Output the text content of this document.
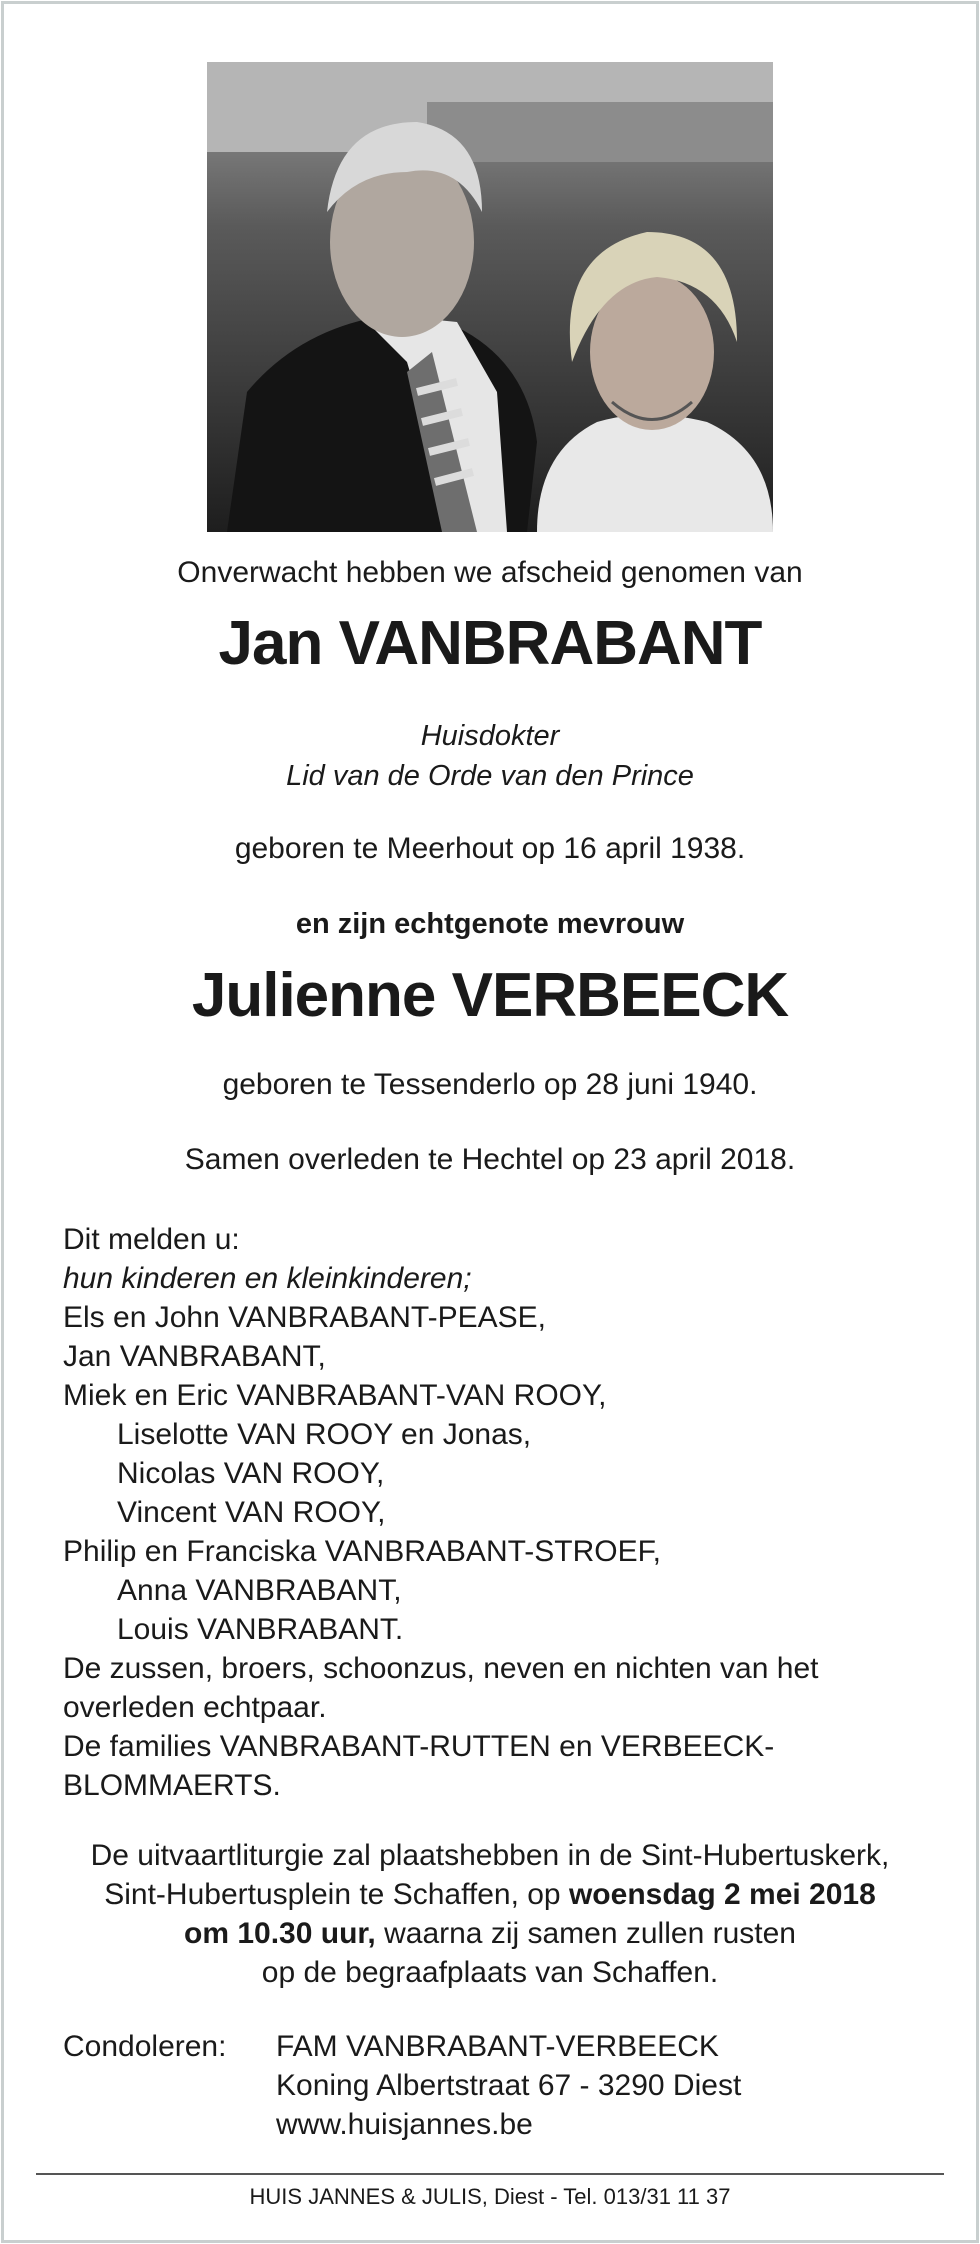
Onverwacht hebben we afscheid genomen van
Jan VANBRABANT
Huisdokter
Lid van de Orde van den Prince
geboren te Meerhout op 16 april 1938.
en zijn echtgenote mevrouw
Julienne VERBEECK
geboren te Tessenderlo op 28 juni 1940.
Samen overleden te Hechtel op 23 april 2018.
Dit melden u:
hun kinderen en kleinkinderen;
Els en John VANBRABANT-PEASE,
Jan VANBRABANT,
Miek en Eric VANBRABANT-VAN ROOY,
Liselotte VAN ROOY en Jonas,
Nicolas VAN ROOY,
Vincent VAN ROOY,
Philip en Franciska VANBRABANT-STROEF,
Anna VANBRABANT,
Louis VANBRABANT.
De zussen, broers, schoonzus, neven en nichten van het overleden echtpaar.
De families VANBRABANT-RUTTEN en VERBEECK-BLOMMAERTS.
De uitvaartliturgie zal plaatshebben in de Sint-Hubertuskerk,
Sint-Hubertusplein te Schaffen, op woensdag 2 mei 2018
om 10.30 uur, waarna zij samen zullen rusten
op de begraafplaats van Schaffen.
Condoleren: FAM VANBRABANT-VERBEECK
Koning Albertstraat 67 - 3290 Diest
www.huisjannes.be
HUIS JANNES & JULIS, Diest - Tel. 013/31 11 37
